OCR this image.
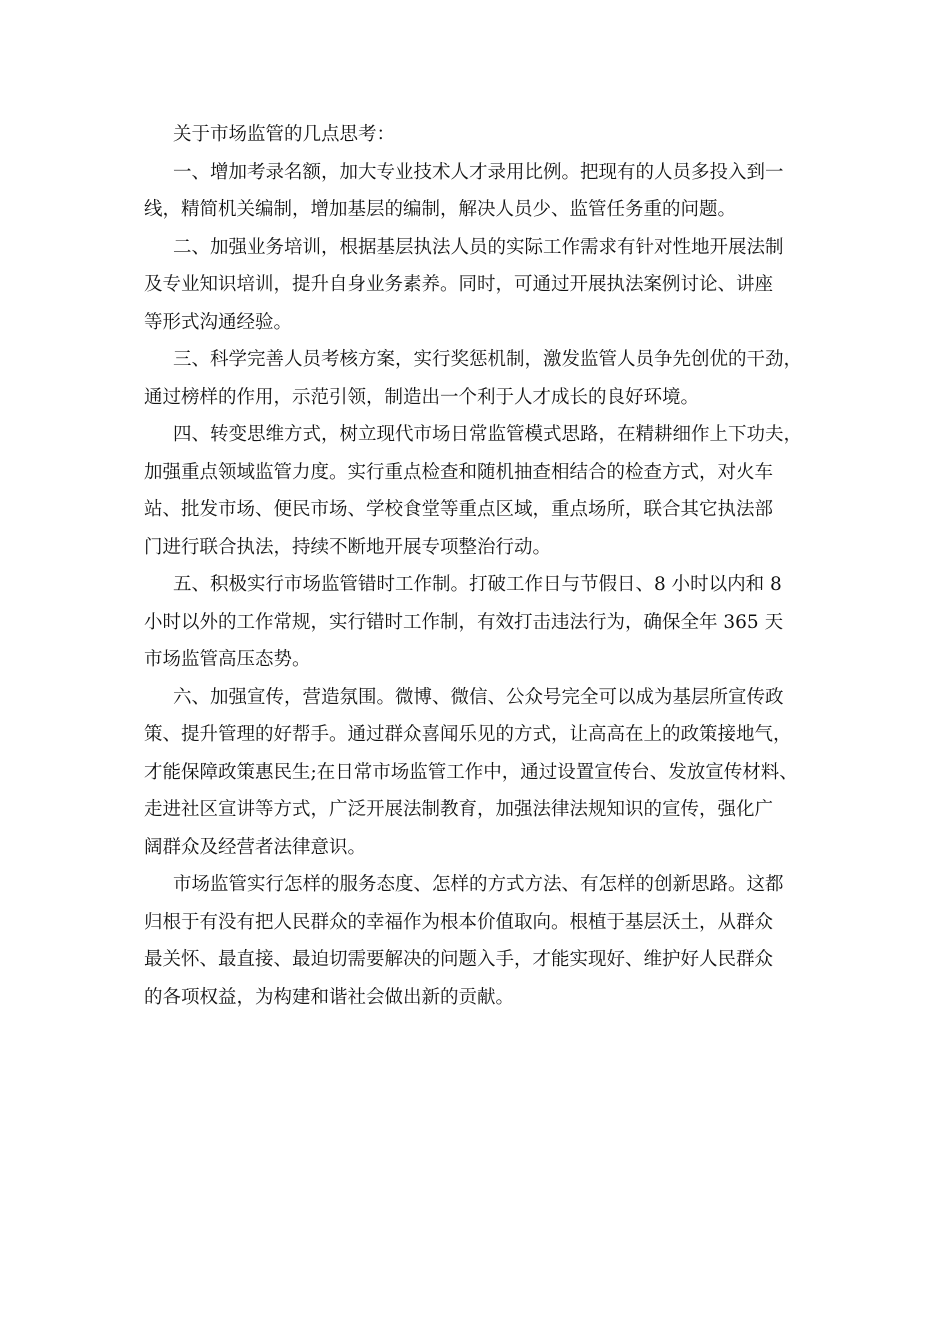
关于市场监管的几点思考：
一、增加考录名额，加大专业技术人才录用比例。把现有的人员多投入到一
线，精简机关编制，增加基层的编制，解决人员少、监管任务重的问题。
二、加强业务培训，根据基层执法人员的实际工作需求有针对性地开展法制
及专业知识培训，提升自身业务素养。同时，可通过开展执法案例讨论、讲座
等形式沟通经验。
三、科学完善人员考核方案，实行奖惩机制，激发监管人员争先创优的干劲，
通过榜样的作用，示范引领，制造出一个利于人才成长的良好环境。
四、转变思维方式，树立现代市场日常监管模式思路，在精耕细作上下功夫，
加强重点领域监管力度。实行重点检查和随机抽查相结合的检查方式，对火车
站、批发市场、便民市场、学校食堂等重点区域，重点场所，联合其它执法部
门进行联合执法，持续不断地开展专项整治行动。
五、积极实行市场监管错时工作制。打破工作日与节假日、8 小时以内和 8
小时以外的工作常规，实行错时工作制，有效打击违法行为，确保全年 365 天
市场监管高压态势。
六、加强宣传，营造氛围。微博、微信、公众号完全可以成为基层所宣传政
策、提升管理的好帮手。通过群众喜闻乐见的方式，让高高在上的政策接地气，
才能保障政策惠民生;在日常市场监管工作中，通过设置宣传台、发放宣传材料、
走进社区宣讲等方式，广泛开展法制教育，加强法律法规知识的宣传，强化广
阔群众及经营者法律意识。
市场监管实行怎样的服务态度、怎样的方式方法、有怎样的创新思路。这都
归根于有没有把人民群众的幸福作为根本价值取向。根植于基层沃土，从群众
最关怀、最直接、最迫切需要解决的问题入手，才能实现好、维护好人民群众
的各项权益，为构建和谐社会做出新的贡献。
